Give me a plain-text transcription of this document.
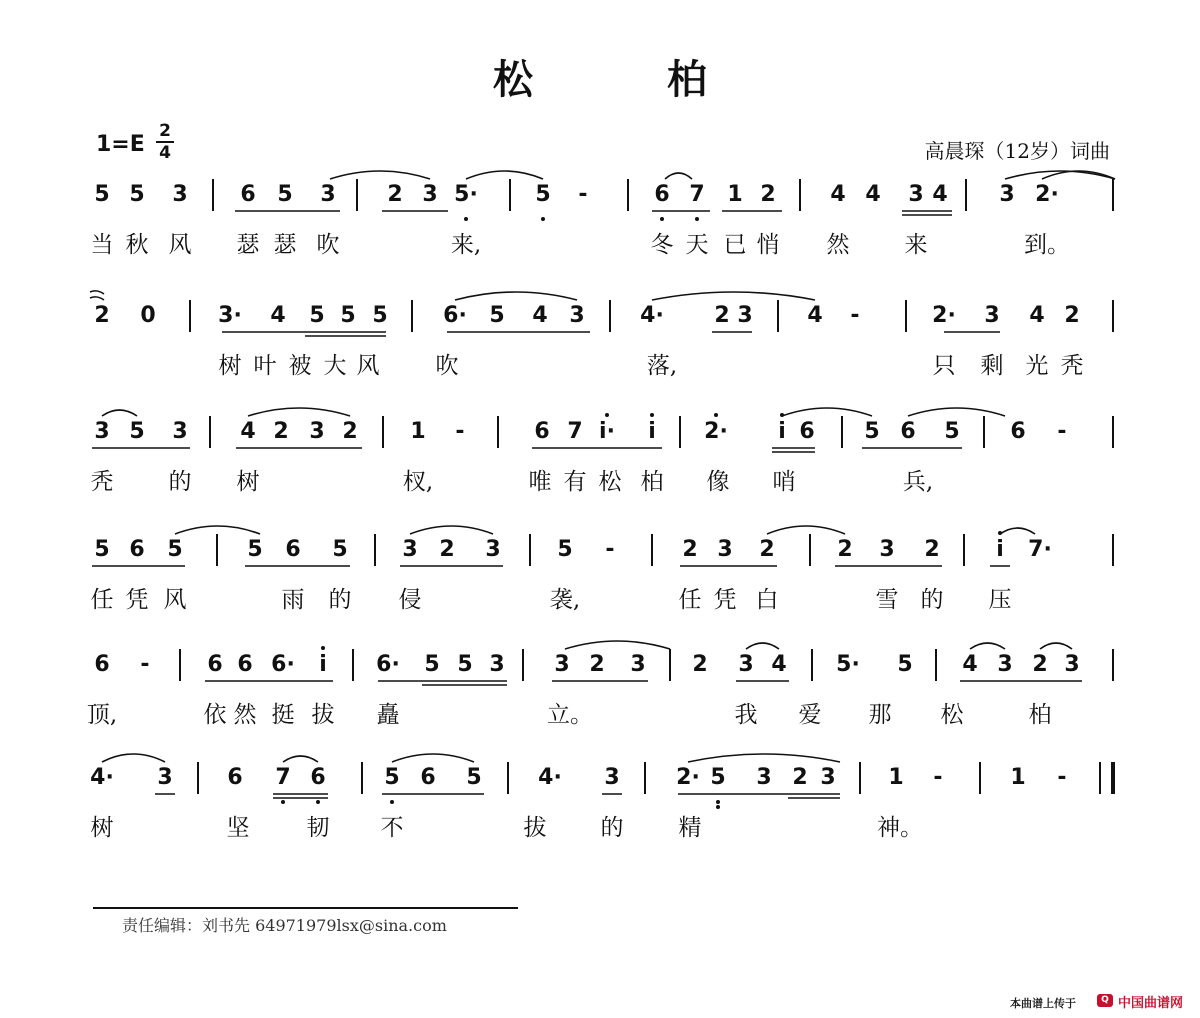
松 柏
1=E
2
4	高晨琛（12岁）词曲
5 5 3 6 5 3 2 3 5·	5 -	6 7 1 2 4 4 3 4 3 2·
当 秋 风 瑟 瑟 吹	来,	冬 天 已 悄 然 来	到。
2 0	3· 4 5 5 5	6· 5 4 3	4· 2 3 4 -	2· 3 4 2
树 叶 被 大 风 吹	落,	只 剩 光 秃
3 5 3 4 2 3 2 1 -	6 7 i· i 2· i 6 5 6 5 6 -
秃 的 树	杈,	唯 有 松 柏 像 哨	兵,
5 6 5	5 6 5 3 2 3	5 -	2 3 2	2 3 2	i 7·
任 凭 风	雨 的 侵	袭,	任 凭 白	雪 的 压
6 -	6 6 6· i 6· 5 5 3 3 2 3 2 3 4 5· 5 4 3 2 3
顶,	依 然 挺 拔 矗	立。	我 爱 那 松	柏
4· 3 6 7 6	5 6 5	4· 3	2· 5 3 2 3 1 -	1 -
树	坚 韧 不	拔 的 精	神。
责任编辑：刘书先 64971979lsx@sina.com
本曲谱上传于	Q 中国曲谱网
